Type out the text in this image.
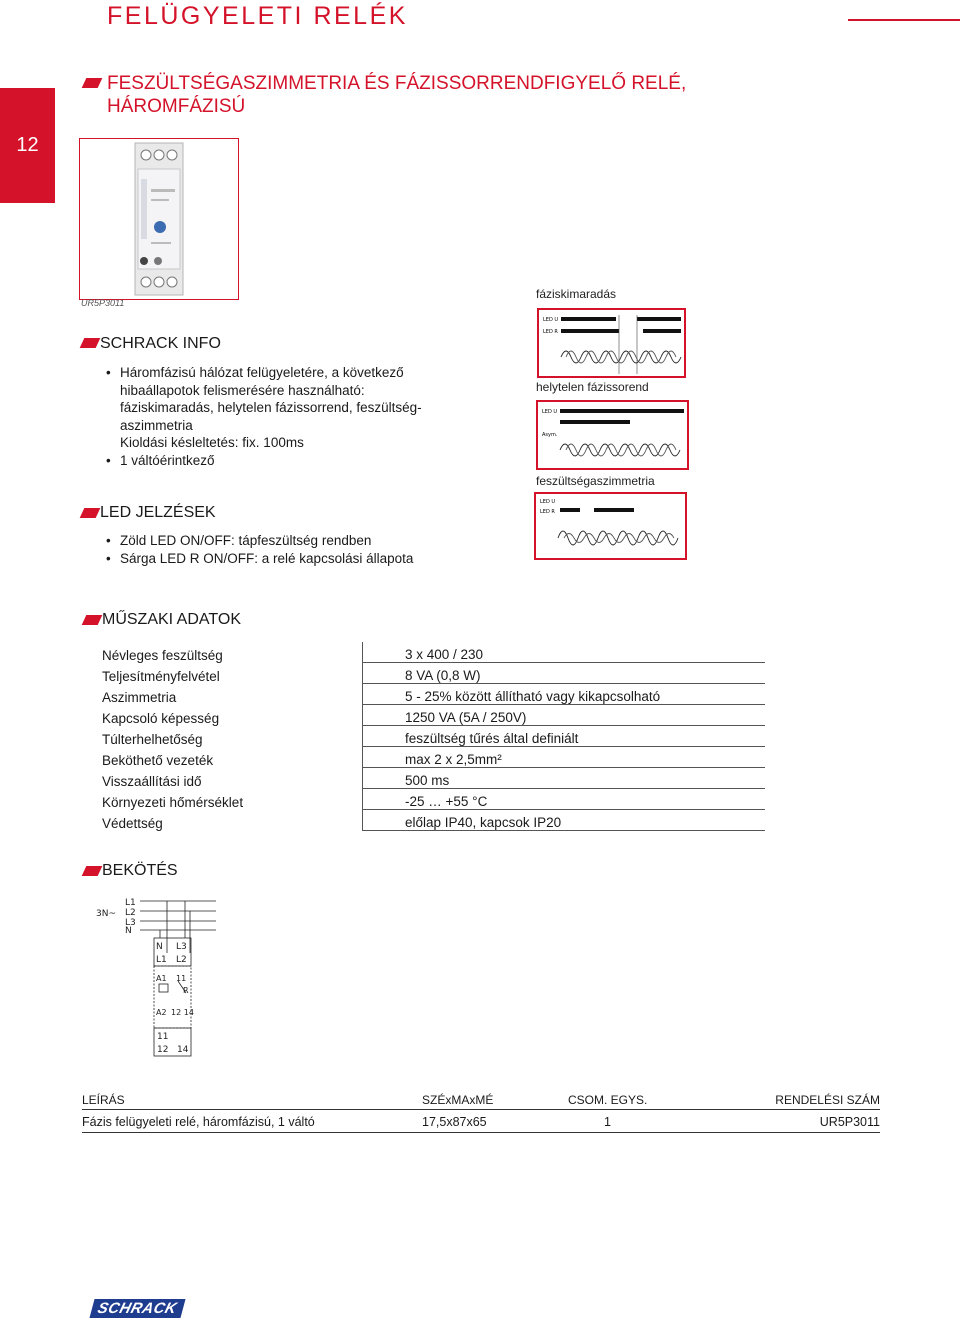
FELÜGYELETI RELÉK
12
FESZÜLTSÉGASZIMMETRIA ÉS FÁZISSORRENDFIGYELŐ RELÉ,
HÁROMFÁZISÚ
UR5P3011
SCHRACK INFO
• Háromfázisú hálózat felügyeletére, a következő
hibaállapotok felismerésére használható:
fáziskimaradás, helytelen fázissorrend, feszültség-
aszimmetria
Kioldási késleltetés: fix. 100ms
• 1 váltóérintkező
LED JELZÉSEK
• Zöld LED ON/OFF: tápfeszültség rendben
• Sárga LED R ON/OFF: a relé kapcsolási állapota
fáziskimaradás
LED U
LED R
helytelen fázissorend
LED U
Asym.
feszültségaszimmetria
LED U
LED R
MŰSZAKI ADATOK
Névleges feszültség	3 x 400 / 230
Teljesítményfelvétel	8 VA (0,8 W)
Aszimmetria	5 - 25% között állítható vagy kikapcsolható
Kapcsoló képesség	1250 VA (5A / 250V)
Túlterhelhetőség	feszültség tűrés által definiált
Beköthető vezeték	max 2 x 2,5mm²
Visszaállítási idő	500 ms
Környezeti hőmérséklet	-25 … +55 °C
Védettség	előlap IP40, kapcsok IP20
BEKÖTÉS
3N~
L1
L2
L3
N
N L3
L1 L2
A1 11
R
A2 12 14
11
12 14
LEÍRÁS	SZÉxMAxMÉ	CSOM. EGYS.	RENDELÉSI SZÁM
Fázis felügyeleti relé, háromfázisú, 1 váltó	17,5x87x65	1	UR5P3011
SCHRACK
